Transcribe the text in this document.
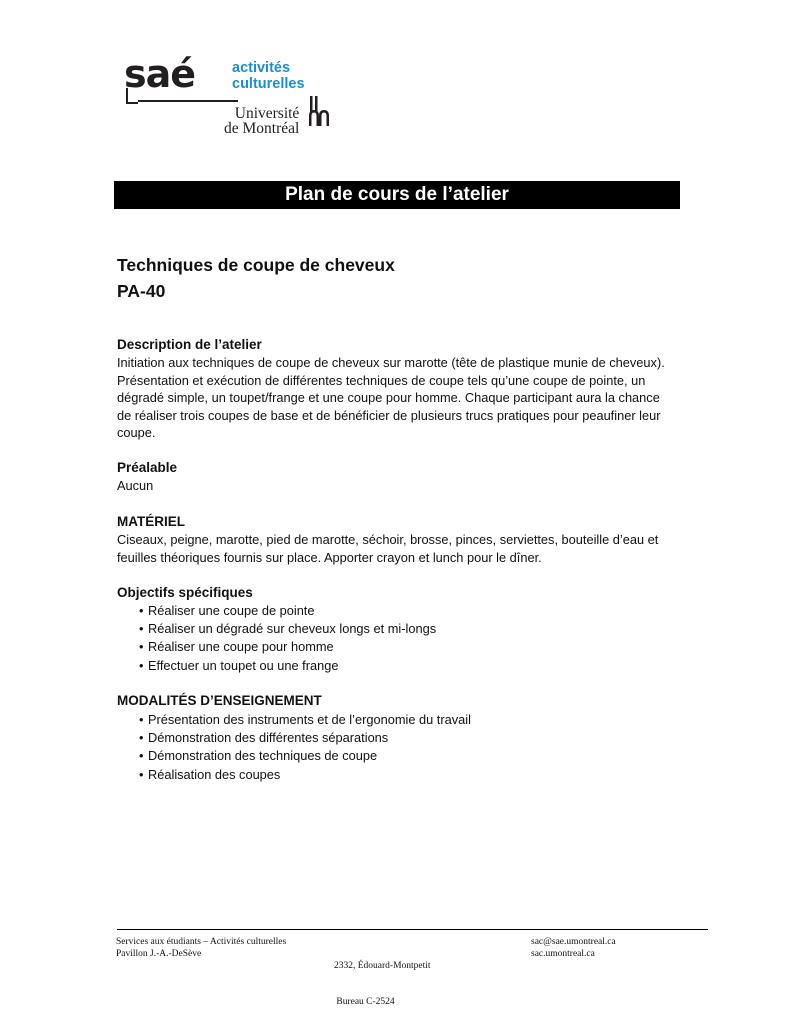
saé	activités
culturelles
Université
de Montréal
Plan de cours de l’atelier
Techniques de coupe de cheveux
PA-40
Description de l’atelier
Initiation aux techniques de coupe de cheveux sur marotte (tête de plastique munie de cheveux).
Présentation et exécution de différentes techniques de coupe tels qu’une coupe de pointe, un
dégradé simple, un toupet/frange et une coupe pour homme. Chaque participant aura la chance
de réaliser trois coupes de base et de bénéficier de plusieurs trucs pratiques pour peaufiner leur
coupe.
Préalable
Aucun
MATÉRIEL
Ciseaux, peigne, marotte, pied de marotte, séchoir, brosse, pinces, serviettes, bouteille d’eau et
feuilles théoriques fournis sur place. Apporter crayon et lunch pour le dîner.
Objectifs spécifiques
• Réaliser une coupe de pointe
• Réaliser un dégradé sur cheveux longs et mi-longs
• Réaliser une coupe pour homme
• Effectuer un toupet ou une frange
MODALITÉS D’ENSEIGNEMENT
• Présentation des instruments et de l’ergonomie du travail
• Démonstration des différentes séparations
• Démonstration des techniques de coupe
• Réalisation des coupes
Services aux étudiants – Activités culturelles
Pavillon J.-A.-DeSève

2332, Édouard-Montpetit

Bureau C-2524

sac@sae.umontreal.ca
sac.umontreal.ca
